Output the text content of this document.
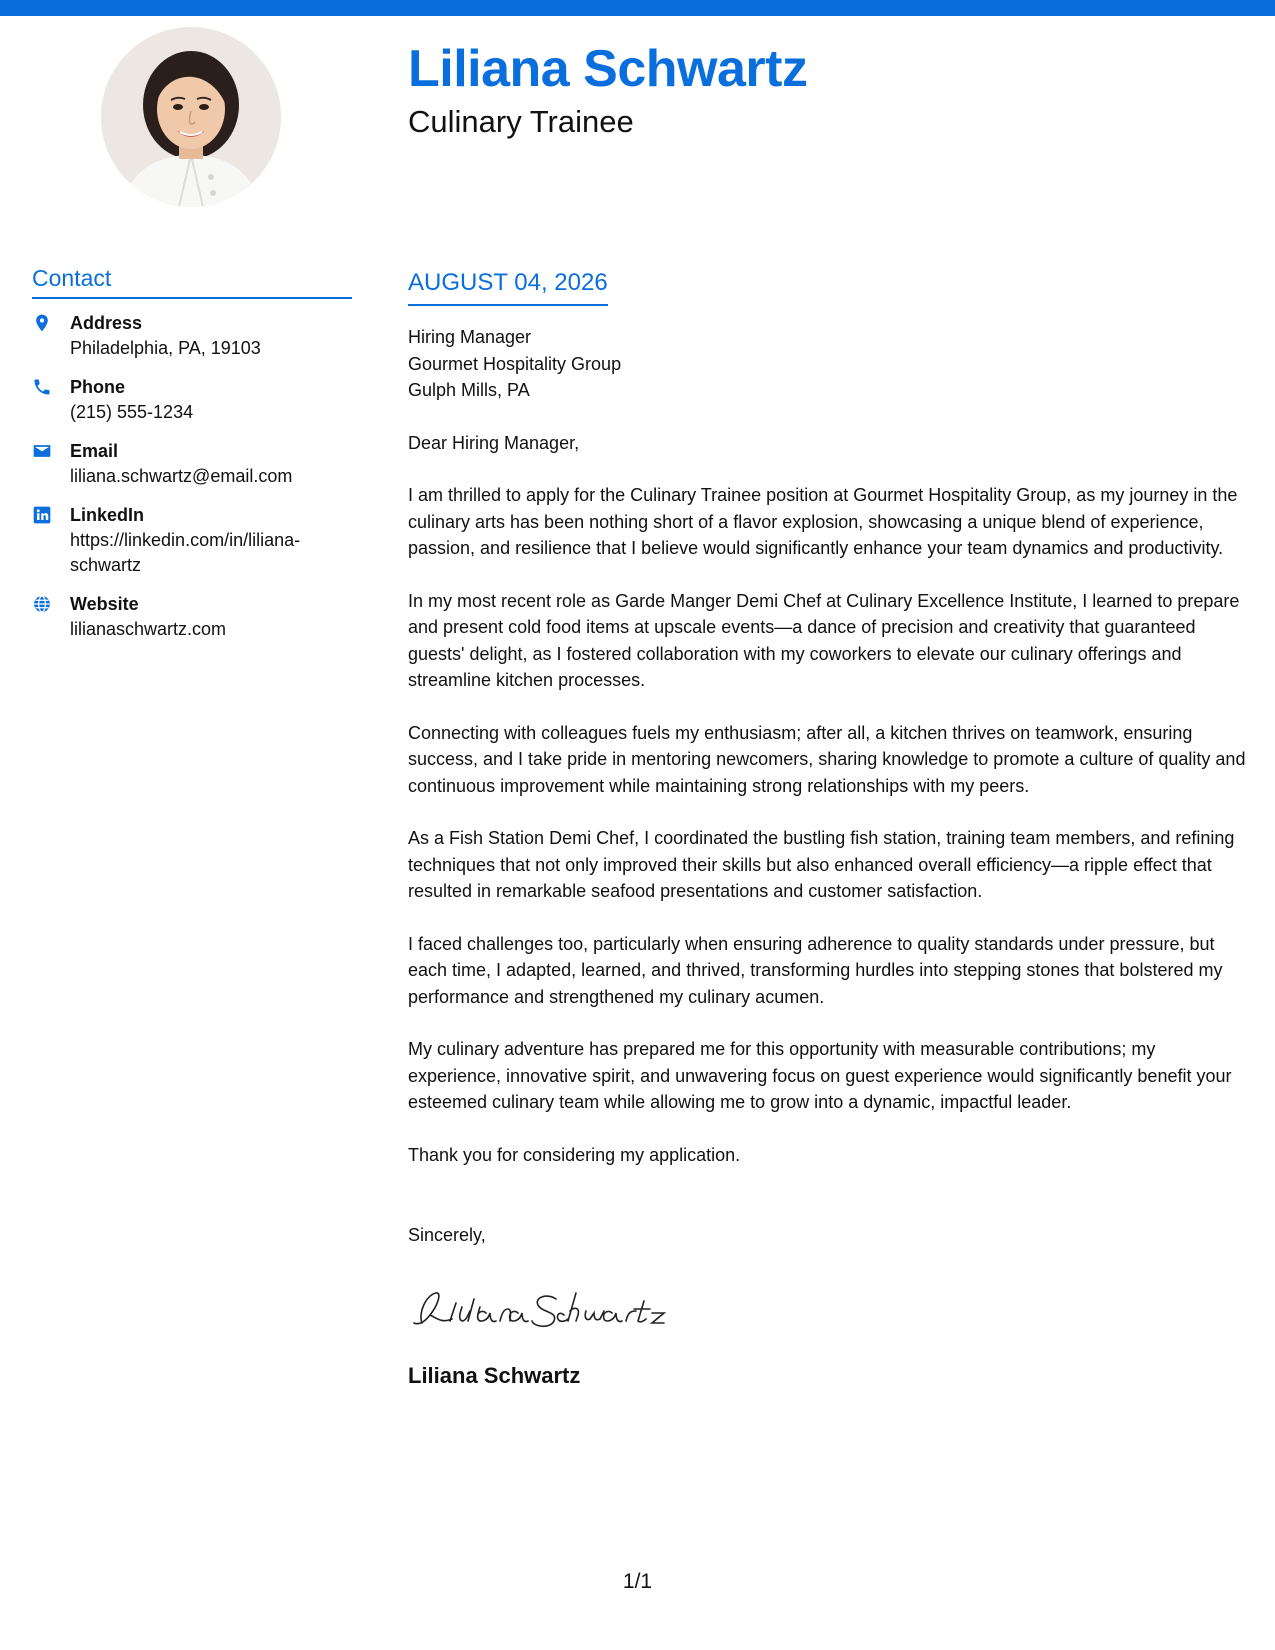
Liliana Schwartz
Culinary Trainee
Contact
Address
Philadelphia, PA, 19103
Phone
(215) 555-1234
Email
liliana.schwartz@email.com
LinkedIn
https://linkedin.com/in/liliana-schwartz
Website
lilianaschwartz.com
AUGUST 04, 2026
Hiring Manager
Gourmet Hospitality Group
Gulph Mills, PA
Dear Hiring Manager,

I am thrilled to apply for the Culinary Trainee position at Gourmet Hospitality Group, as my journey in the culinary arts has been nothing short of a flavor explosion, showcasing a unique blend of experience, passion, and resilience that I believe would significantly enhance your team dynamics and productivity.

In my most recent role as Garde Manger Demi Chef at Culinary Excellence Institute, I learned to prepare and present cold food items at upscale events—a dance of precision and creativity that guaranteed guests' delight, as I fostered collaboration with my coworkers to elevate our culinary offerings and streamline kitchen processes.

Connecting with colleagues fuels my enthusiasm; after all, a kitchen thrives on teamwork, ensuring success, and I take pride in mentoring newcomers, sharing knowledge to promote a culture of quality and continuous improvement while maintaining strong relationships with my peers.

As a Fish Station Demi Chef, I coordinated the bustling fish station, training team members, and refining techniques that not only improved their skills but also enhanced overall efficiency—a ripple effect that resulted in remarkable seafood presentations and customer satisfaction.

I faced challenges too, particularly when ensuring adherence to quality standards under pressure, but each time, I adapted, learned, and thrived, transforming hurdles into stepping stones that bolstered my performance and strengthened my culinary acumen.

My culinary adventure has prepared me for this opportunity with measurable contributions; my experience, innovative spirit, and unwavering focus on guest experience would significantly benefit your esteemed culinary team while allowing me to grow into a dynamic, impactful leader.

Thank you for considering my application.

Sincerely,
Liliana Schwartz
1/1
